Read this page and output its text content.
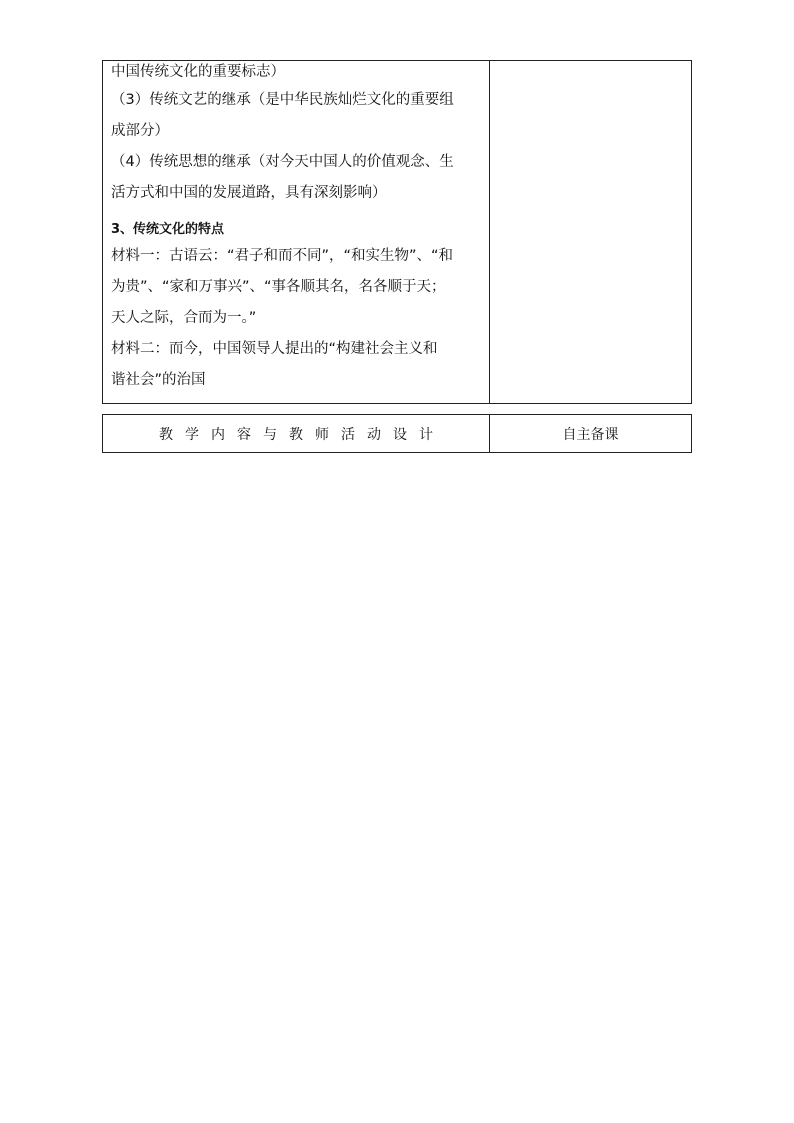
中国传统文化的重要标志）
（3）传统文艺的继承（是中华民族灿烂文化的重要组
成部分）
（4）传统思想的继承（对今天中国人的价值观念、生
活方式和中国的发展道路，具有深刻影响）
3、传统文化的特点
材料一：古语云：“君子和而不同”，“和实生物”、“和
为贵”、“家和万事兴”、“事各顺其名，名各顺于天；
天人之际，合而为一。”
材料二：而今，中国领导人提出的“构建社会主义和
谐社会”的治国
教学内容与教师活动设计	自主备课
